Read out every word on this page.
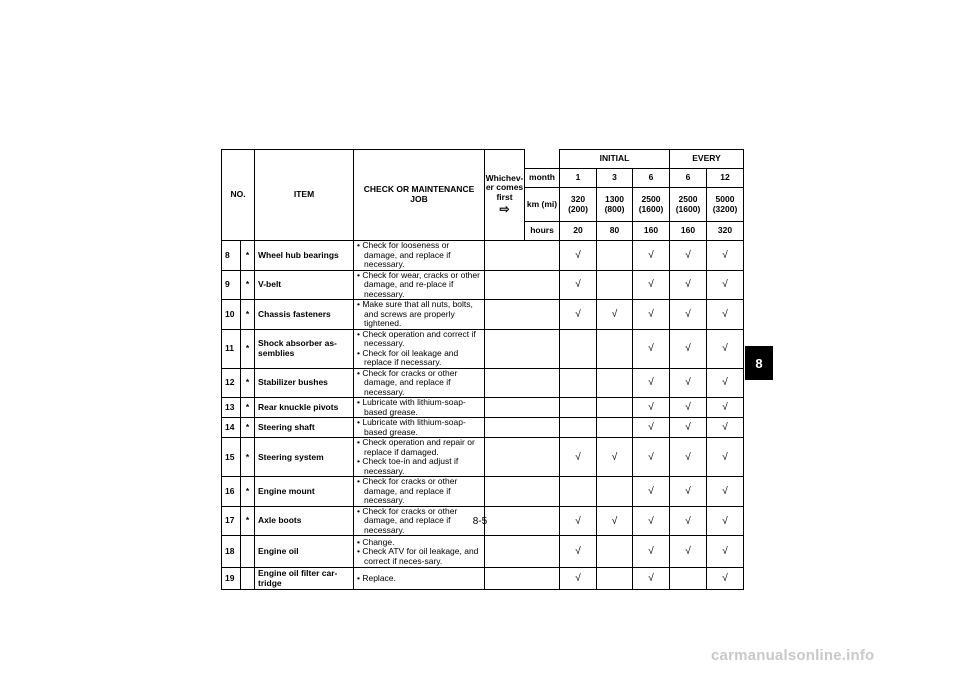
NO.		ITEM	CHECK OR MAINTENANCE JOB	Whichev-er comes first
⇨		INITIAL			EVERY	
					month	1	3	6	6	12
					km (mi)	320 (200)	1300 (800)	2500 (1600)	2500 (1600)	5000 (3200)
					hours	20	80	160	160	320
8	*	Wheel hub bearings	• Check for looseness or damage, and replace if necessary.			√		√	√	√
9	*	V-belt	• Check for wear, cracks or other damage, and re-place if necessary.			√		√	√	√
10	*	Chassis fasteners	• Make sure that all nuts, bolts, and screws are properly tightened.			√	√	√	√	√
11	*	Shock absorber as-semblies	• Check operation and correct if necessary.
• Check for oil leakage and replace if necessary.					√	√	√
12	*	Stabilizer bushes	• Check for cracks or other damage, and replace if necessary.					√	√	√
13	*	Rear knuckle pivots	• Lubricate with lithium-soap-based grease.					√	√	√
14	*	Steering shaft	• Lubricate with lithium-soap-based grease.					√	√	√
15	*	Steering system	• Check operation and repair or replace if damaged.
• Check toe-in and adjust if necessary.			√	√	√	√	√
16	*	Engine mount	• Check for cracks or other damage, and replace if necessary.					√	√	√
17	*	Axle boots	• Check for cracks or other damage, and replace if necessary.			√	√	√	√	√
18		Engine oil	• Change.
• Check ATV for oil leakage, and correct if neces-sary.			√		√	√	√
19		Engine oil filter car-tridge	• Replace.			√		√		√
8
8-5
carmanualsonline.info
